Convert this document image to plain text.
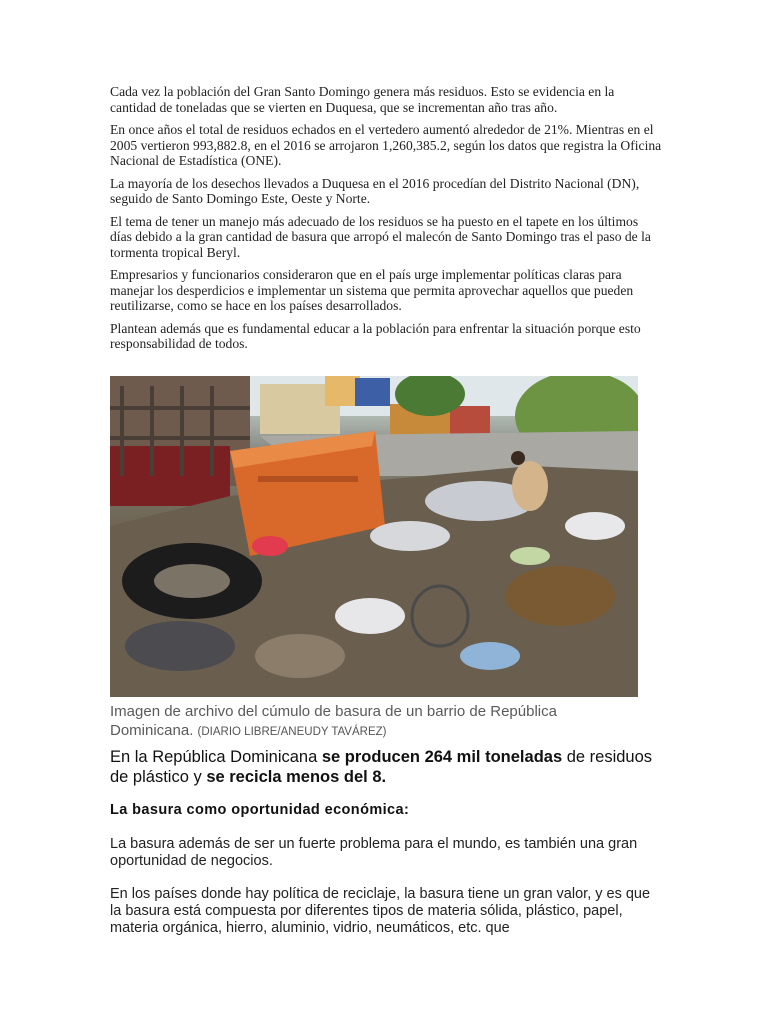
Cada vez la población del Gran Santo Domingo genera más residuos. Esto se evidencia en la cantidad de toneladas que se vierten en Duquesa, que se incrementan año tras año.

En once años el total de residuos echados en el vertedero aumentó alrededor de 21%. Mientras en el 2005 vertieron 993,882.8, en el 2016 se arrojaron 1,260,385.2, según los datos que registra la Oficina Nacional de Estadística (ONE).

La mayoría de los desechos llevados a Duquesa en el 2016 procedían del Distrito Nacional (DN), seguido de Santo Domingo Este, Oeste y Norte.

El tema de tener un manejo más adecuado de los residuos se ha puesto en el tapete en los últimos días debido a la gran cantidad de basura que arropó el malecón de Santo Domingo tras el paso de la tormenta tropical Beryl.

Empresarios y funcionarios consideraron que en el país urge implementar políticas claras para manejar los desperdicios e implementar un sistema que permita aprovechar aquellos que pueden reutilizarse, como se hace en los países desarrollados.

Plantean además que es fundamental educar a la población para enfrentar la situación porque esto responsabilidad de todos.

Imagen de archivo del cúmulo de basura de un barrio de República Dominicana. (DIARIO LIBRE/ANEUDY TAVÁREZ)
En la República Dominicana se producen 264 mil toneladas de residuos de plástico y se recicla menos del 8.
La basura como oportunidad económica:
La basura además de ser un fuerte problema para el mundo, es también una gran oportunidad de negocios.
En los países donde hay política de reciclaje, la basura tiene un gran valor, y es que la basura está compuesta por diferentes tipos de materia sólida, plástico, papel, materia orgánica, hierro, aluminio, vidrio, neumáticos, etc. que
